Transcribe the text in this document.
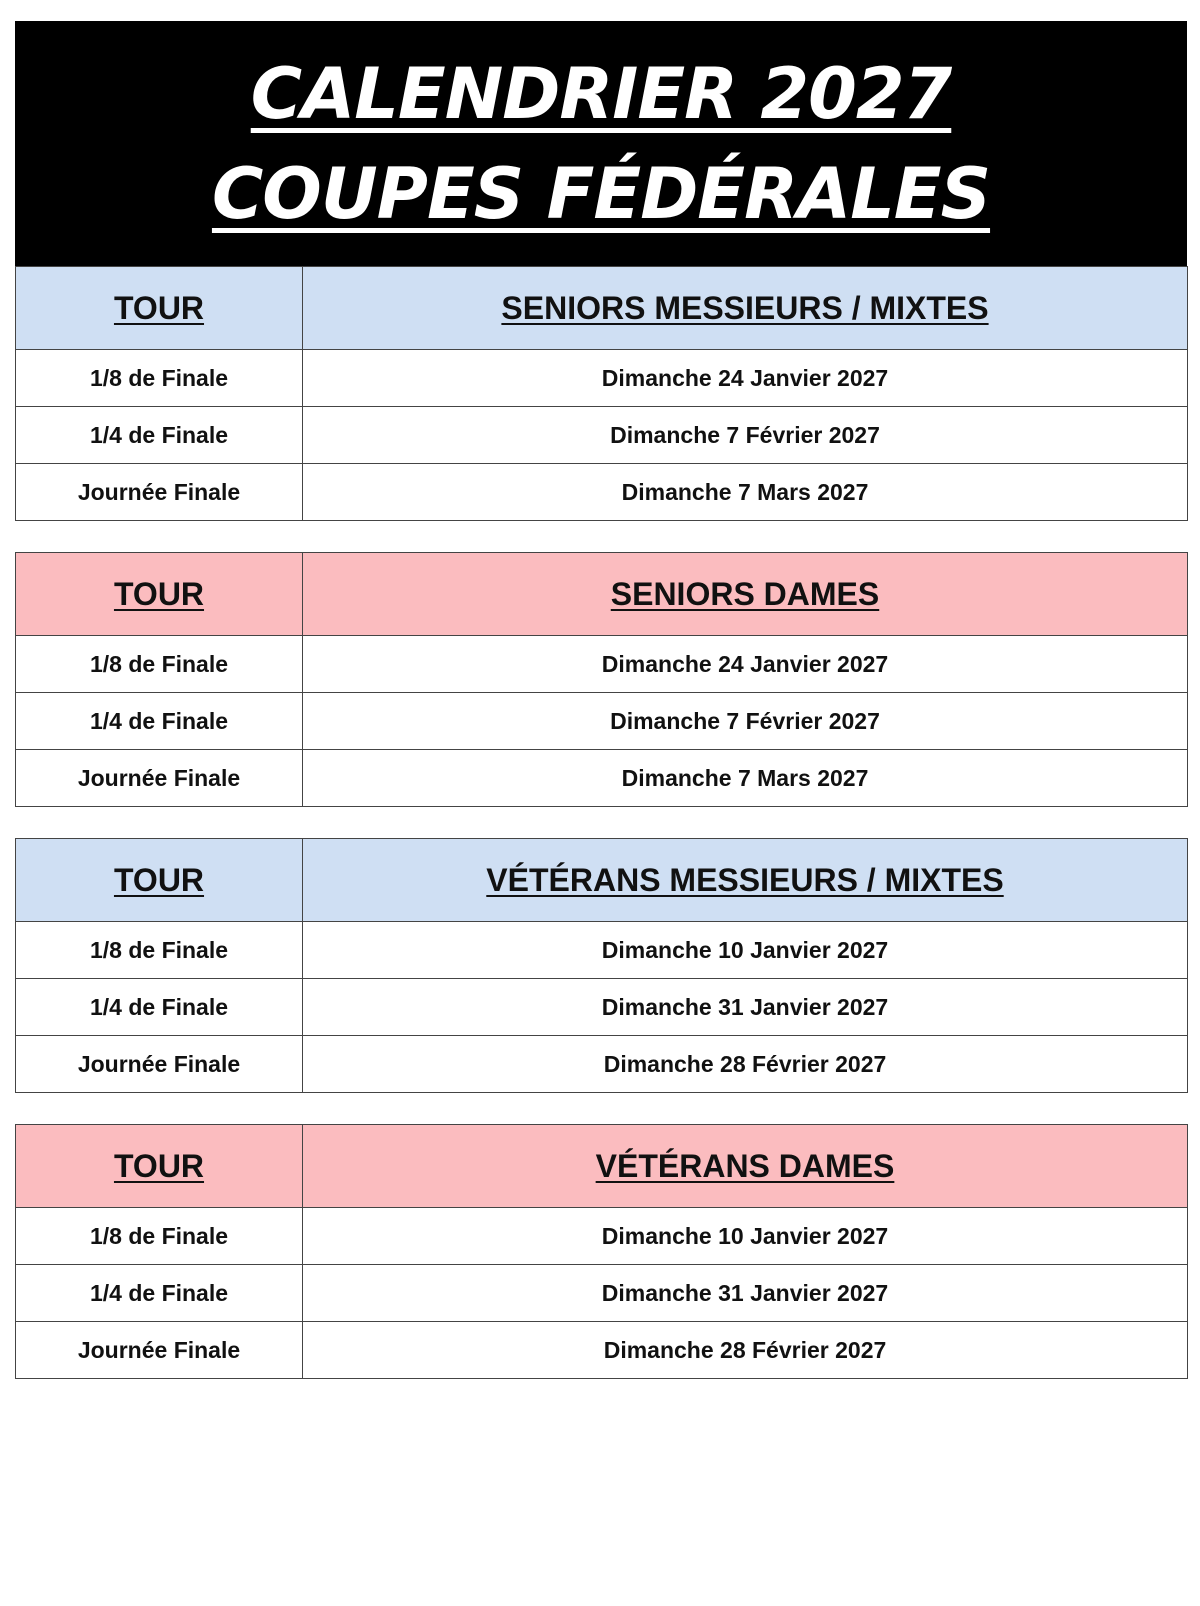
CALENDRIER 2027
COUPES FÉDÉRALES
TOUR	SENIORS MESSIEURS / MIXTES
1/8 de Finale	Dimanche 24 Janvier 2027
1/4 de Finale	Dimanche 7 Février 2027
Journée Finale	Dimanche 7 Mars 2027
TOUR	SENIORS DAMES
1/8 de Finale	Dimanche 24 Janvier 2027
1/4 de Finale	Dimanche 7 Février 2027
Journée Finale	Dimanche 7 Mars 2027
TOUR	VÉTÉRANS MESSIEURS / MIXTES
1/8 de Finale	Dimanche 10 Janvier 2027
1/4 de Finale	Dimanche 31 Janvier 2027
Journée Finale	Dimanche 28 Février 2027
TOUR	VÉTÉRANS DAMES
1/8 de Finale	Dimanche 10 Janvier 2027
1/4 de Finale	Dimanche 31 Janvier 2027
Journée Finale	Dimanche 28 Février 2027
